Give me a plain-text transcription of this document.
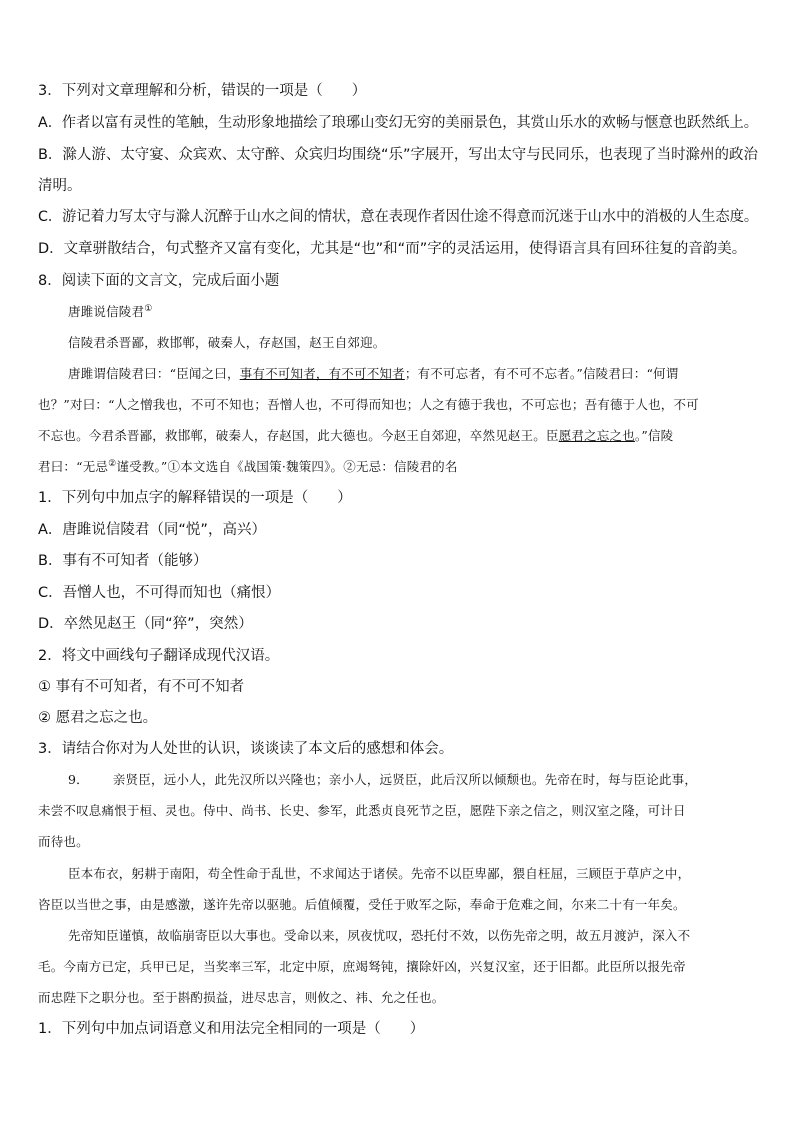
3．下列对文章理解和分析，错误的一项是（　　）
A．作者以富有灵性的笔触，生动形象地描绘了琅琊山变幻无穷的美丽景色，其赏山乐水的欢畅与惬意也跃然纸上。
B．滁人游、太守宴、众宾欢、太守醉、众宾归均围绕“乐”字展开，写出太守与民同乐，也表现了当时滁州的政治
清明。
C．游记着力写太守与滁人沉醉于山水之间的情状，意在表现作者因仕途不得意而沉迷于山水中的消极的人生态度。
D．文章骈散结合，句式整齐又富有变化，尤其是“也”和“而”字的灵活运用，使得语言具有回环往复的音韵美。
8．阅读下面的文言文，完成后面小题
唐雎说信陵君①
信陵君杀晋鄙，救邯郸，破秦人，存赵国，赵王自郊迎。
唐雎谓信陵君曰：“臣闻之曰，事有不可知者，有不可不知者；有不可忘者，有不可不忘者。”信陵君曰：“何谓
也？”对曰：“人之憎我也，不可不知也；吾憎人也，不可得而知也；人之有德于我也，不可忘也；吾有德于人也，不可
不忘也。今君杀晋鄙，救邯郸，破秦人，存赵国，此大德也。今赵王自郊迎，卒然见赵王。臣愿君之忘之也。”信陵
君曰：“无忌②谨受教。”①本文选自《战国策·魏策四》。②无忌：信陵君的名
1．下列句中加点字的解释错误的一项是（　　）
A．唐雎说信陵君（同“悦”，高兴）
B．事有不可知者（能够）
C．吾憎人也，不可得而知也（痛恨）
D．卒然见赵王（同“猝”，突然）
2．将文中画线句子翻译成现代汉语。
① 事有不可知者，有不可不知者
② 愿君之忘之也。
3．请结合你对为人处世的认识，谈谈读了本文后的感想和体会。
9． 亲贤臣，远小人，此先汉所以兴隆也；亲小人，远贤臣，此后汉所以倾颓也。先帝在时，每与臣论此事，
未尝不叹息痛恨于桓、灵也。侍中、尚书、长史、参军，此悉贞良死节之臣，愿陛下亲之信之，则汉室之隆，可计日
而待也。
臣本布衣，躬耕于南阳，苟全性命于乱世，不求闻达于诸侯。先帝不以臣卑鄙，猥自枉屈，三顾臣于草庐之中，
咨臣以当世之事，由是感激，遂许先帝以驱驰。后值倾覆，受任于败军之际，奉命于危难之间，尔来二十有一年矣。
先帝知臣谨慎，故临崩寄臣以大事也。受命以来，夙夜忧叹，恐托付不效，以伤先帝之明，故五月渡泸，深入不
毛。今南方已定，兵甲已足，当奖率三军，北定中原，庶竭驽钝，攘除奸凶，兴复汉室，还于旧都。此臣所以报先帝
而忠陛下之职分也。至于斟酌损益，进尽忠言，则攸之、祎、允之任也。
1．下列句中加点词语意义和用法完全相同的一项是（　　）
